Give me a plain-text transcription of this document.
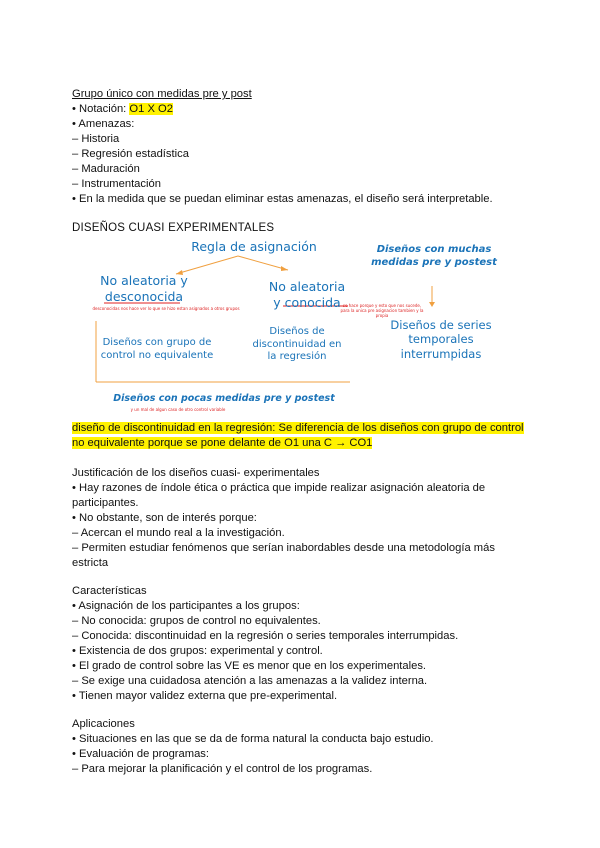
Grupo único con medidas pre y post
• Notación: O1 X O2
• Amenazas:
– Historia
– Regresión estadística
– Maduración
– Instrumentación
• En la medida que se puedan eliminar estas amenazas, el diseño será interpretable.
DISEÑOS CUASI EXPERIMENTALES
Regla de asignación
No aleatoria y desconocida
No aleatoria y conocida
Diseños con muchas medidas pre y postest
Diseños con grupo de control no equivalente
Diseños de discontinuidad en la regresión
Diseños de series temporales interrumpidas
Diseños con pocas medidas pre y postest
desconocidas nos hace ver lo que se hizo estan asignados a otros grupos
se hace porque y esto que nos sucede, para la unica pre asignacion tambien y la propia
y un mal de algun caso de otro control variable
diseño de discontinuidad en la regresión: Se diferencia de los diseños con grupo de control
no equivalente porque se pone delante de O1 una C → CO1
Justificación de los diseños cuasi- experimentales
• Hay razones de índole ética o práctica que impide realizar asignación aleatoria de
participantes.
• No obstante, son de interés porque:
– Acercan el mundo real a la investigación.
– Permiten estudiar fenómenos que serían inabordables desde una metodología más
estricta
Características
• Asignación de los participantes a los grupos:
– No conocida: grupos de control no equivalentes.
– Conocida: discontinuidad en la regresión o series temporales interrumpidas.
• Existencia de dos grupos: experimental y control.
• El grado de control sobre las VE es menor que en los experimentales.
– Se exige una cuidadosa atención a las amenazas a la validez interna.
• Tienen mayor validez externa que pre-experimental.
Aplicaciones
• Situaciones en las que se da de forma natural la conducta bajo estudio.
• Evaluación de programas:
– Para mejorar la planificación y el control de los programas.
